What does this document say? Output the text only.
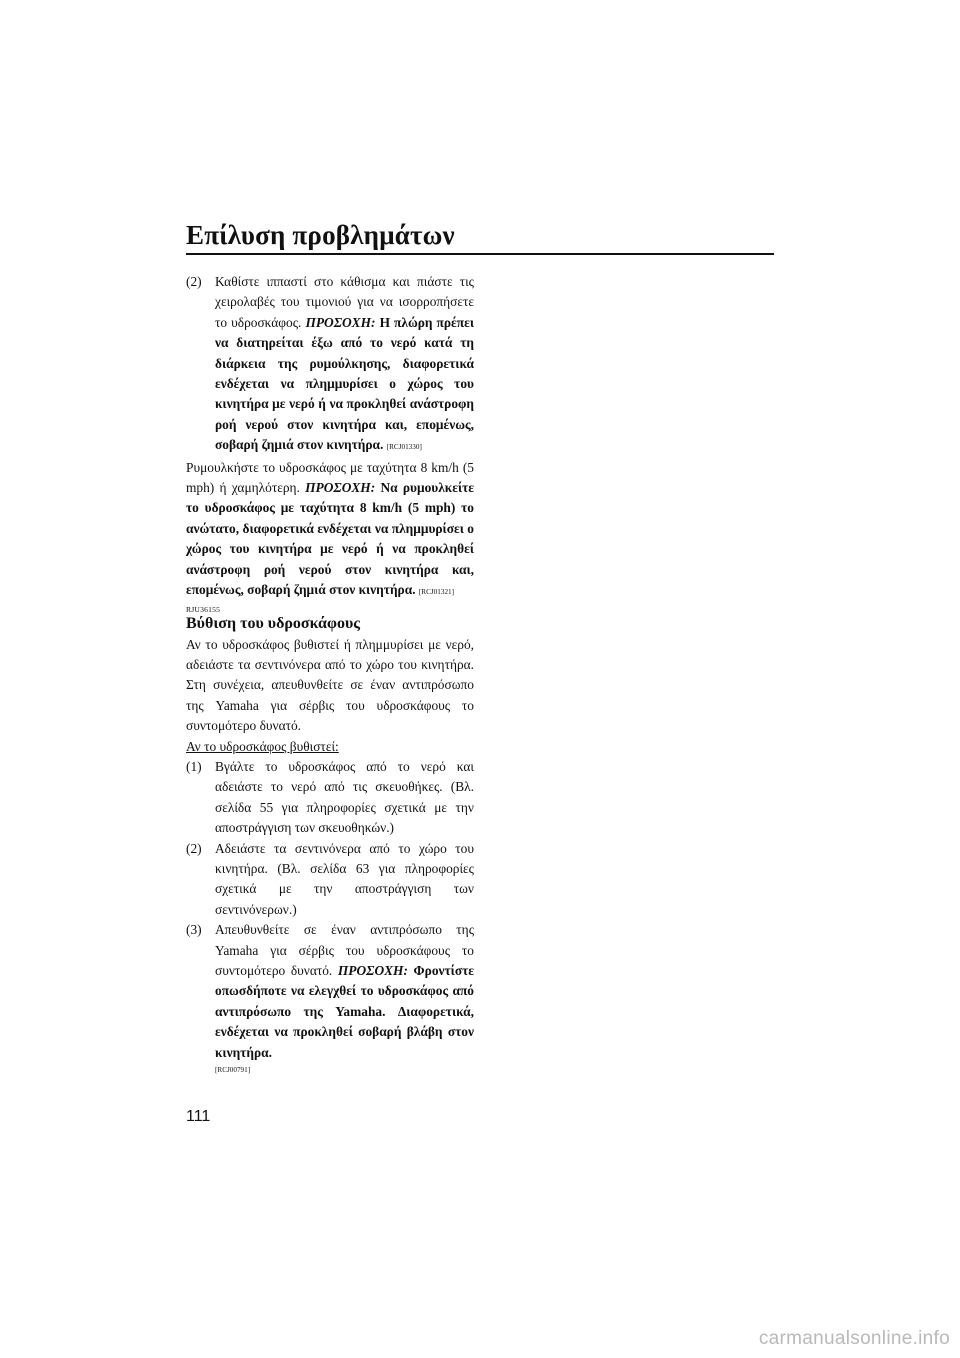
Επίλυση προβλημάτων
(2) Καθίστε ιππαστί στο κάθισμα και πιάστε τις χειρολαβές του τιμονιού για να ισορροπήσετε το υδροσκάφος. ΠΡΟΣΟΧΗ: Η πλώρη πρέπει να διατηρείται έξω από το νερό κατά τη διάρκεια της ρυμούλκησης, διαφορετικά ενδέχεται να πλημμυρίσει ο χώρος του κινητήρα με νερό ή να προκληθεί ανάστροφη ροή νερού στον κινητήρα και, επομένως, σοβαρή ζημιά στον κινητήρα. [RCJ01330]

Ρυμουλκήστε το υδροσκάφος με ταχύτητα 8 km/h (5 mph) ή χαμηλότερη. ΠΡΟΣΟΧΗ: Να ρυμουλκείτε το υδροσκάφος με ταχύτητα 8 km/h (5 mph) το ανώτατο, διαφορετικά ενδέχεται να πλημμυρίσει ο χώρος του κινητήρα με νερό ή να προκληθεί ανάστροφη ροή νερού στον κινητήρα και, επομένως, σοβαρή ζημιά στον κινητήρα. [RCJ01321]

RJU36155
Βύθιση του υδροσκάφους

Αν το υδροσκάφος βυθιστεί ή πλημμυρίσει με νερό, αδειάστε τα σεντινόνερα από το χώρο του κινητήρα. Στη συνέχεια, απευθυνθείτε σε έναν αντιπρόσωπο της Yamaha για σέρβις του υδροσκάφους το συντομότερο δυνατό.

Αν το υδροσκάφος βυθιστεί:

(1) Βγάλτε το υδροσκάφος από το νερό και αδειάστε το νερό από τις σκευοθήκες. (Βλ. σελίδα 55 για πληροφορίες σχετικά με την αποστράγγιση των σκευοθηκών.)
(2) Αδειάστε τα σεντινόνερα από το χώρο του κινητήρα. (Βλ. σελίδα 63 για πληροφορίες σχετικά με την αποστράγγιση των σεντινόνερων.)
(3) Απευθυνθείτε σε έναν αντιπρόσωπο της Yamaha για σέρβις του υδροσκάφους το συντομότερο δυνατό. ΠΡΟΣΟΧΗ: Φροντίστε οπωσδήποτε να ελεγχθεί το υδροσκάφος από αντιπρόσωπο της Yamaha. Διαφορετικά, ενδέχεται να προκληθεί σοβαρή βλάβη στον κινητήρα.
[RCJ00791]
111
carmanualsonline.info
